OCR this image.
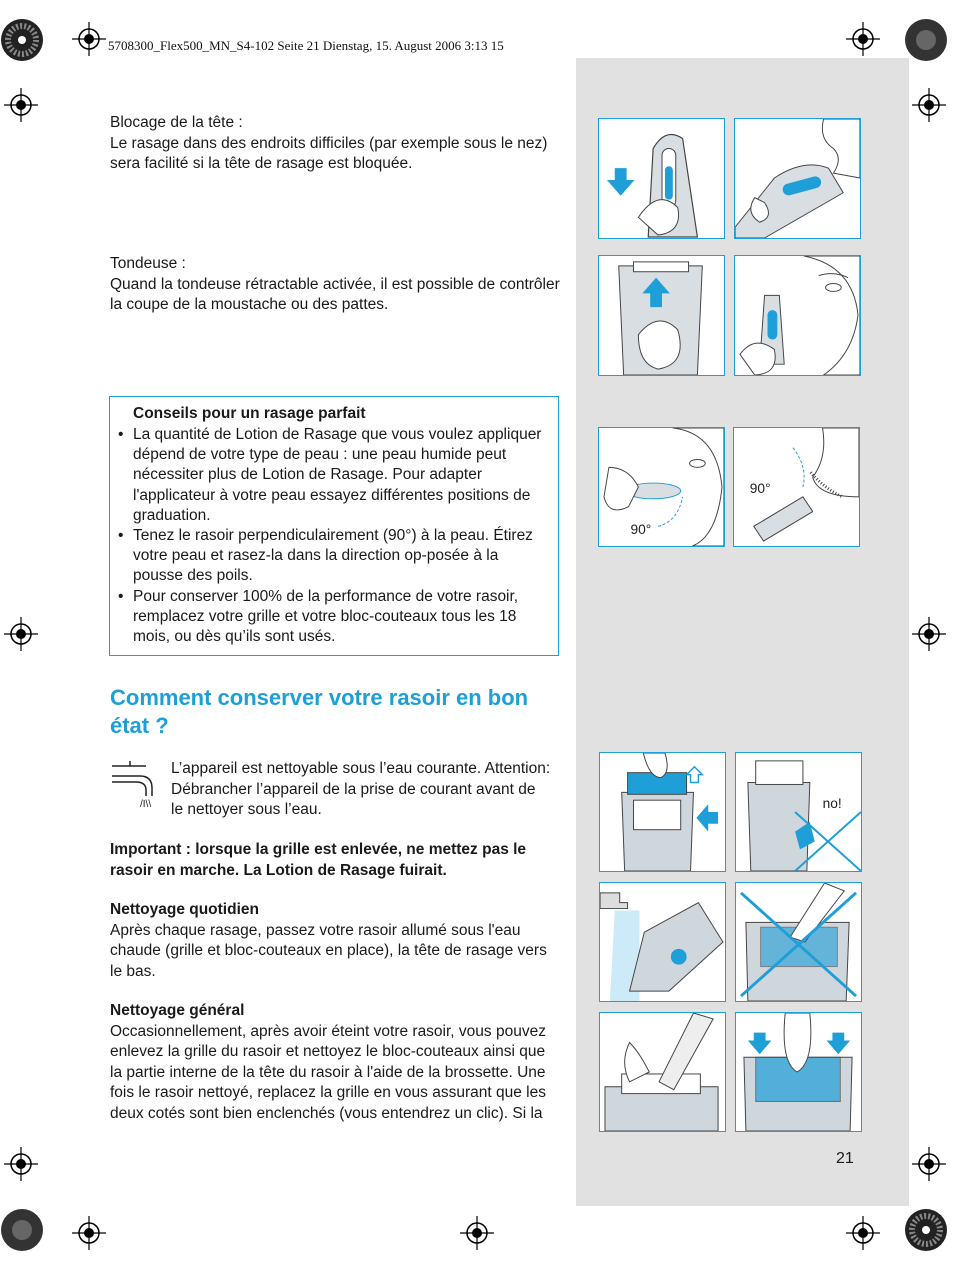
5708300_Flex500_MN_S4-102 Seite 21 Dienstag, 15. August 2006 3:13 15

Blocage de la tête :

Le rasage dans des endroits difficiles (par exemple sous le nez) sera facilité si la tête de rasage est bloquée.

Tondeuse :

Quand la tondeuse rétractable activée, il est possible de contrôler la coupe de la moustache ou des pattes.

Conseils pour un rasage parfait
• La quantité de Lotion de Rasage que vous voulez appliquer dépend de votre type de peau : une peau humide peut nécessiter plus de Lotion de Rasage. Pour adapter l'applicateur à votre peau essayez différentes positions de graduation.
• Tenez le rasoir perpendiculairement (90°) à la peau. Étirez votre peau et rasez-la dans la direction op-posée à la pousse des poils.
• Pour conserver 100% de la performance de votre rasoir, remplacez votre grille et votre bloc-couteaux tous les 18 mois, ou dès qu’ils sont usés.
Comment conserver votre rasoir en bon état ?
/I\\
L’appareil est nettoyable sous l’eau courante. Attention: Débrancher l’appareil de la prise de courant avant de le nettoyer sous l’eau.
Important : lorsque la grille est enlevée, ne mettez pas le rasoir en marche. La Lotion de Rasage fuirait.

Nettoyage quotidien

Après chaque rasage, passez votre rasoir allumé sous l'eau chaude (grille et bloc-couteaux en place), la tête de rasage vers le bas.

Nettoyage général

Occasionnellement, après avoir éteint votre rasoir, vous pouvez enlevez la grille du rasoir et nettoyez le bloc-couteaux ainsi que la partie interne de la tête du rasoir à l'aide de la brossette. Une fois le rasoir nettoyé, replacez la grille en vous assurant que les deux cotés sont bien enclenchés (vous entendrez un clic). Si la

90°
90°
no!
21
